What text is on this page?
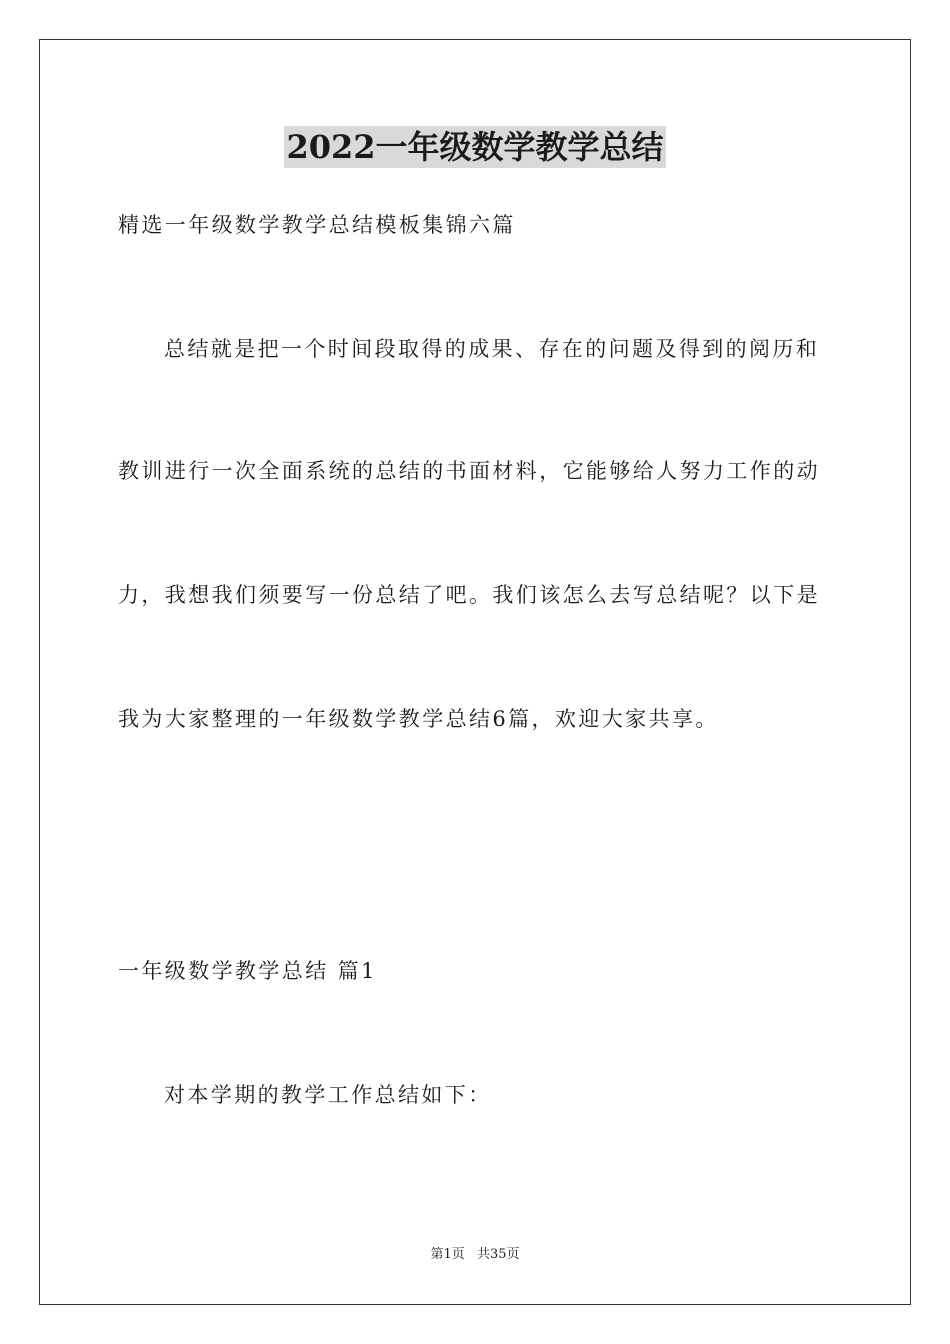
2022一年级数学教学总结
精选一年级数学教学总结模板集锦六篇
总结就是把一个时间段取得的成果、存在的问题及得到的阅历和
教训进行一次全面系统的总结的书面材料，它能够给人努力工作的动
力，我想我们须要写一份总结了吧。我们该怎么去写总结呢？以下是
我为大家整理的一年级数学教学总结6篇，欢迎大家共享。
一年级数学教学总结 篇1
对本学期的教学工作总结如下：
第1页 共35页
